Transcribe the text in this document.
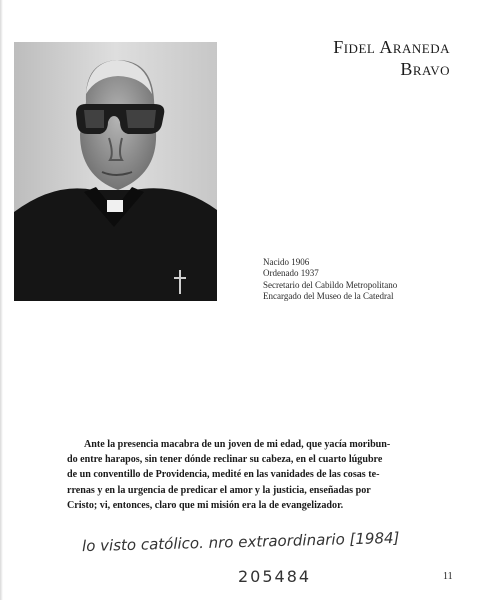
Fidel Araneda
Bravo
Nacido 1906
Ordenado 1937
Secretario del Cabildo Metropolitano
Encargado del Museo de la Catedral
Ante la presencia macabra de un joven de mi edad, que yacía moribun-
do entre harapos, sin tener dónde reclinar su cabeza, en el cuarto lúgubre
de un conventillo de Providencia, medité en las vanidades de las cosas te-
rrenas y en la urgencia de predicar el amor y la justicia, enseñadas por
Cristo; vi, entonces, claro que mi misión era la de evangelizador.
lo visto católico. nro extraordinario [1984]
205484	11
